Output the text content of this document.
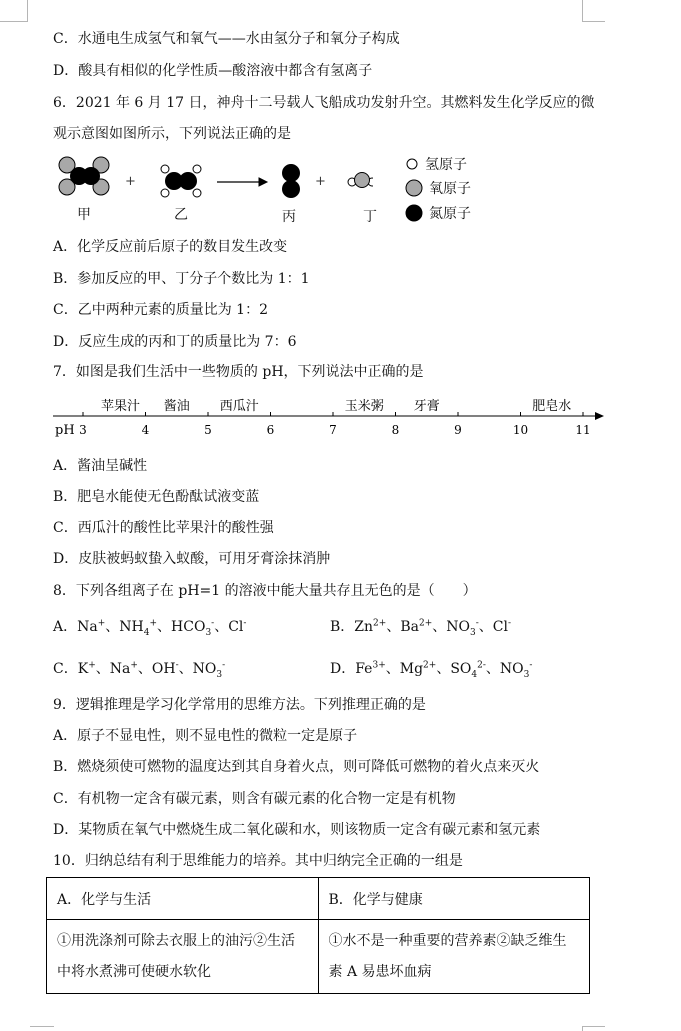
C．水通电生成氢气和氧气——水由氢分子和氧分子构成
D．酸具有相似的化学性质—酸溶液中都含有氢离子
6．2021 年 6 月 17 日，神舟十二号载人飞船成功发射升空。其燃料发生化学反应的微
观示意图如图所示，下列说法正确的是
+	+
甲	乙	丙	丁
氢原子
氧原子
氮原子
A．化学反应前后原子的数目发生改变
B．参加反应的甲、丁分子个数比为 1：1
C．乙中两种元素的质量比为 1：2
D．反应生成的丙和丁的质量比为 7：6
7．如图是我们生活中一些物质的 pH，下列说法中正确的是
pH 3	4	5	6	7	8	9	10	11
苹果汁 酱油 西瓜汁	玉米粥 牙膏	肥皂水
A．酱油呈碱性
B．肥皂水能使无色酚酞试液变蓝
C．西瓜汁的酸性比苹果汁的酸性强
D．皮肤被蚂蚁蛰入蚁酸，可用牙膏涂抹消肿
8．下列各组离子在 pH=1 的溶液中能大量共存且无色的是（　　）
A．Na+、$NH_4^+$、$HCO_3^-$、Cl-	B．$Zn^{2+}$、$Ba^{2+}$、$NO_3^-$、Cl-
C．K+、Na+、OH-、$NO_3^-$	D．$Fe^{3+}$、$Mg^{2+}$、$SO_4^{2-}$、$NO_3^-$
9．逻辑推理是学习化学常用的思维方法。下列推理正确的是
A．原子不显电性，则不显电性的微粒一定是原子
B．燃烧须使可燃物的温度达到其自身着火点，则可降低可燃物的着火点来灭火
C．有机物一定含有碳元素，则含有碳元素的化合物一定是有机物
D．某物质在氧气中燃烧生成二氧化碳和水，则该物质一定含有碳元素和氢元素
10．归纳总结有利于思维能力的培养。其中归纳完全正确的一组是
A．化学与生活	B．化学与健康
①用洗涤剂可除去衣服上的油污②生活中将水煮沸可使硬水软化	①水不是一种重要的营养素②缺乏维生素 A 易患坏血病
